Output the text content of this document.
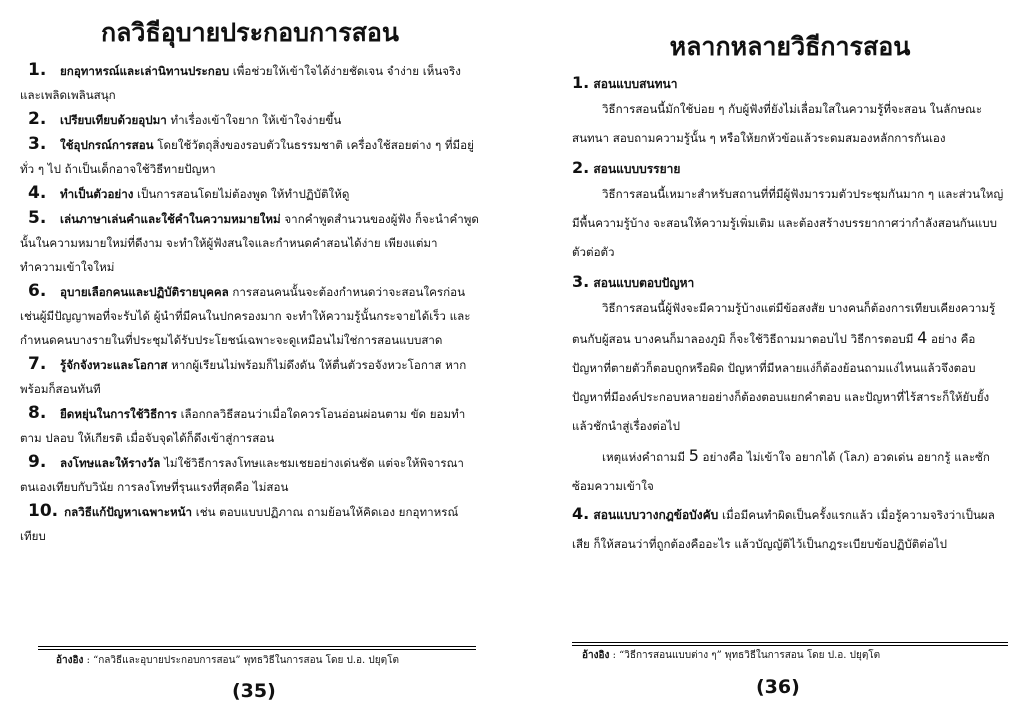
กลวิธีอุบายประกอบการสอน
1. ยกอุทาหรณ์และเล่านิทานประกอบ เพื่อช่วยให้เข้าใจได้ง่ายชัดเจน จำง่าย เห็นจริง และเพลิดเพลินสนุก
2. เปรียบเทียบด้วยอุปมา ทำเรื่องเข้าใจยาก ให้เข้าใจง่ายขึ้น
3. ใช้อุปกรณ์การสอน โดยใช้วัตถุสิ่งของรอบตัวในธรรมชาติ เครื่องใช้สอยต่าง ๆ ที่มีอยู่ทั่ว ๆ ไป ถ้าเป็นเด็กอาจใช้วิธีทายปัญหา
4. ทำเป็นตัวอย่าง เป็นการสอนโดยไม่ต้องพูด ให้ทำปฏิบัติให้ดู
5. เล่นภาษาเล่นคำและใช้คำในความหมายใหม่ จากคำพูดสำนวนของผู้ฟัง ก็จะนำคำพูดนั้นในความหมายใหม่ที่ดีงาม จะทำให้ผู้ฟังสนใจและกำหนดคำสอนได้ง่าย เพียงแต่มาทำความเข้าใจใหม่
6. อุบายเลือกคนและปฏิบัติรายบุคคล การสอนคนนั้นจะต้องกำหนดว่าจะสอนใครก่อน เช่นผู้มีปัญญาพอที่จะรับได้ ผู้นำที่มีคนในปกครองมาก จะทำให้ความรู้นั้นกระจายได้เร็ว และกำหนดคนบางรายในที่ประชุมได้รับประโยชน์เฉพาะจะดูเหมือนไม่ใช่การสอนแบบสาด
7. รู้จักจังหวะและโอกาส หากผู้เรียนไม่พร้อมก็ไม่ดึงดัน ให้ตื่นตัวรอจังหวะโอกาส หากพร้อมก็สอนทันที
8. ยืดหยุ่นในการใช้วิธีการ เลือกกลวิธีสอนว่าเมื่อใดควรโอนอ่อนผ่อนตาม ขัด ยอมทำตาม ปลอบ ให้เกียรติ เมื่อจับจุดได้ก็ดึงเข้าสู่การสอน
9. ลงโทษและให้รางวัล ไม่ใช้วิธีการลงโทษและชมเชยอย่างเด่นชัด แต่จะให้พิจารณาตนเองเทียบกับวินัย การลงโทษที่รุนแรงที่สุดคือ ไม่สอน
10. กลวิธีแก้ปัญหาเฉพาะหน้า เช่น ตอบแบบปฏิภาณ ถามย้อนให้คิดเอง ยกอุทาหรณ์เทียบ
อ้างอิง : “กลวิธีและอุบายประกอบการสอน” พุทธวิธีในการสอน โดย ป.อ. ปยุตฺโต
(35)
หลากหลายวิธีการสอน
1. สอนแบบสนทนา
วิธีการสอนนี้มักใช้บ่อย ๆ กับผู้ฟังที่ยังไม่เลื่อมใสในความรู้ที่จะสอน ในลักษณะสนทนา สอบถามความรู้นั้น ๆ หรือให้ยกหัวข้อแล้วระดมสมองหลักการกันเอง
2. สอนแบบบรรยาย
วิธีการสอนนี้เหมาะสำหรับสถานที่ที่มีผู้ฟังมารวมตัวประชุมกันมาก ๆ และส่วนใหญ่มีพื้นความรู้บ้าง จะสอนให้ความรู้เพิ่มเติม และต้องสร้างบรรยากาศว่ากำลังสอนกันแบบตัวต่อตัว
3. สอนแบบตอบปัญหา
วิธีการสอนนี้ผู้ฟังจะมีความรู้บ้างแต่มีข้อสงสัย บางคนก็ต้องการเทียบเคียงความรู้ตนกับผู้สอน บางคนก็มาลองภูมิ ก็จะใช้วิธีถามมาตอบไป วิธีการตอบมี 4 อย่าง คือ ปัญหาที่ตายตัวก็ตอบถูกหรือผิด ปัญหาที่มีหลายแง่ก็ต้องย้อนถามแง่ไหนแล้วจึงตอบ ปัญหาที่มีองค์ประกอบหลายอย่างก็ต้องตอบแยกคำตอบ และปัญหาที่ไร้สาระก็ให้ยับยั้งแล้วชักนำสู่เรื่องต่อไป
เหตุแห่งคำถามมี 5 อย่างคือ ไม่เข้าใจ อยากได้ (โลภ) อวดเด่น อยากรู้ และซักซ้อมความเข้าใจ
4. สอนแบบวางกฎข้อบังคับ เมื่อมีคนทำผิดเป็นครั้งแรกแล้ว เมื่อรู้ความจริงว่าเป็นผลเสีย ก็ให้สอนว่าที่ถูกต้องคืออะไร แล้วบัญญัติไว้เป็นกฎระเบียบข้อปฏิบัติต่อไป
อ้างอิง : “วิธีการสอนแบบต่าง ๆ” พุทธวิธีในการสอน โดย ป.อ. ปยุตฺโต
(36)
